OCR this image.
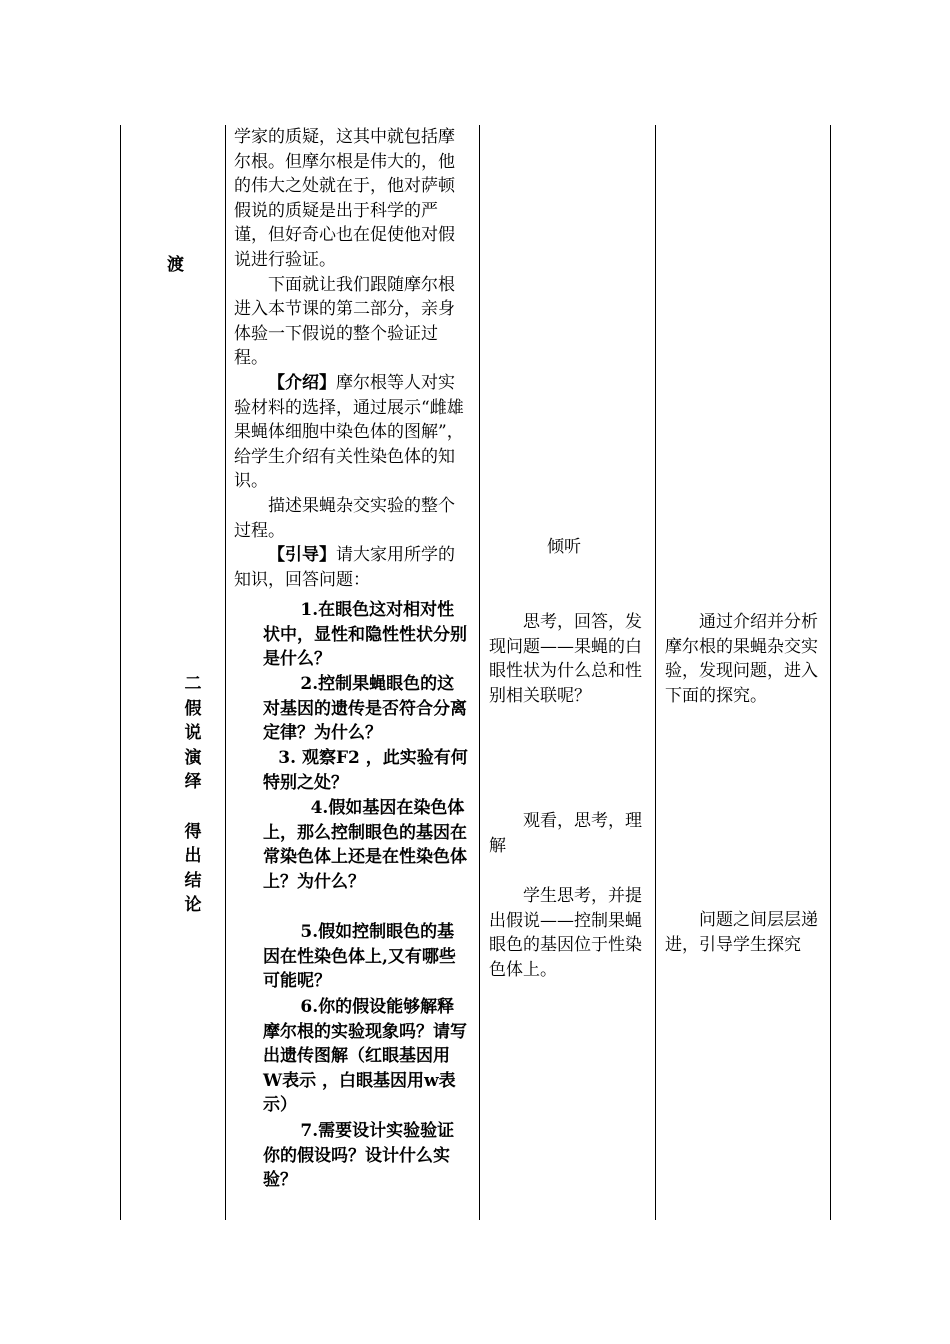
渡
二
假
说
演
绎

得
出
结
论

学家的质疑，这其中就包括摩尔根。但摩尔根是伟大的，他的伟大之处就在于，他对萨顿假说的质疑是出于科学的严谨，但好奇心也在促使他对假说进行验证。

下面就让我们跟随摩尔根进入本节课的第二部分，亲身体验一下假说的整个验证过程。

【介绍】摩尔根等人对实验材料的选择，通过展示“雌雄果蝇体细胞中染色体的图解”，给学生介绍有关性染色体的知识。

描述果蝇杂交实验的整个过程。

【引导】请大家用所学的知识，回答问题：

1.在眼色这对相对性状中，显性和隐性性状分别是什么？
2.控制果蝇眼色的这对基因的遗传是否符合分离定律？为什么？
3. 观察F2 ，此实验有何特别之处？
4.假如基因在染色体上，那么控制眼色的基因在常染色体上还是在性染色体上？为什么？
5.假如控制眼色的基因在性染色体上,又有哪些可能呢？
6.你的假设能够解释摩尔根的实验现象吗？请写出遗传图解（红眼基因用W表示 ，白眼基因用w表示）
7.需要设计实验验证你的假设吗？设计什么实验？
倾听
思考，回答，发现问题——果蝇的白眼性状为什么总和性别相关联呢？
观看，思考，理解
学生思考，并提出假说——控制果蝇眼色的基因位于性染色体上。
通过介绍并分析摩尔根的果蝇杂交实验，发现问题，进入下面的探究。
问题之间层层递进，引导学生探究
